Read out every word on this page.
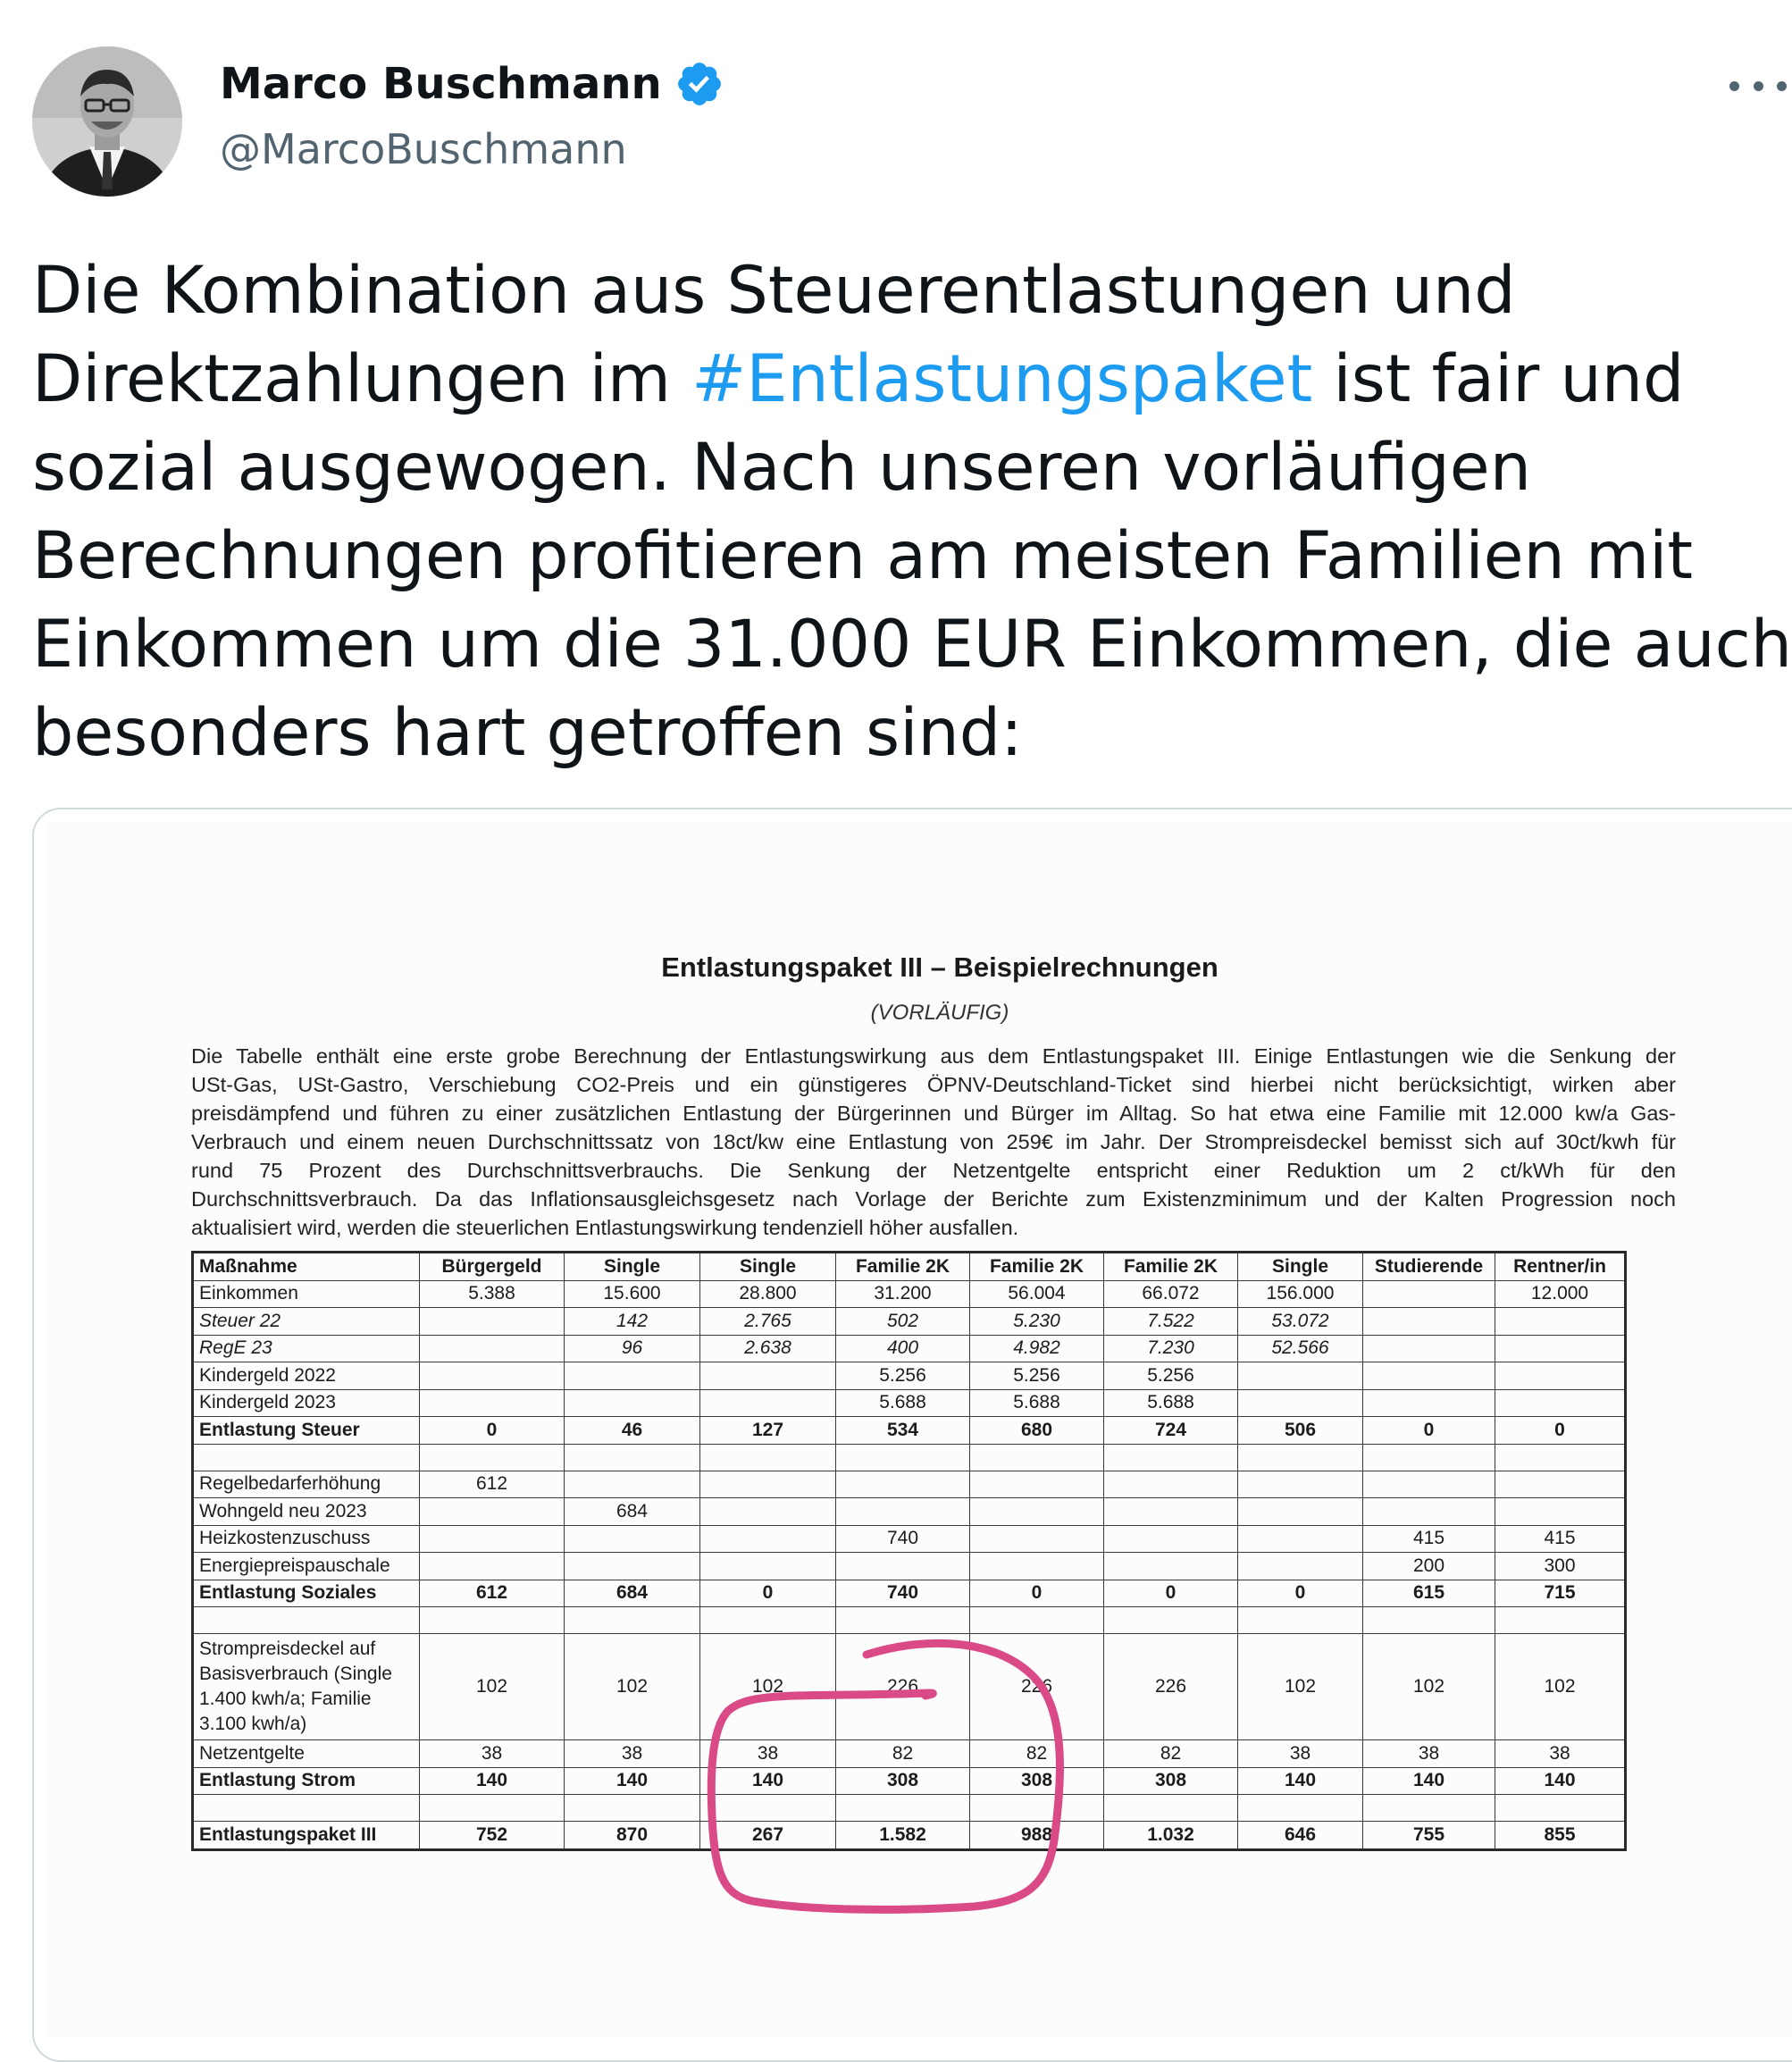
Marco Buschmann
@MarcoBuschmann
Die Kombination aus Steuerentlastungen und
Direktzahlungen im #Entlastungspaket ist fair und
sozial ausgewogen. Nach unseren vorläufigen
Berechnungen profitieren am meisten Familien mit
Einkommen um die 31.000 EUR Einkommen, die auch
besonders hart getroffen sind:
Entlastungspaket III – Beispielrechnungen
(VORLÄUFIG)
Die Tabelle enthält eine erste grobe Berechnung der Entlastungswirkung aus dem Entlastungspaket III. Einige Entlastungen wie die Senkung der
USt-Gas, USt-Gastro, Verschiebung CO2-Preis und ein günstigeres ÖPNV-Deutschland-Ticket sind hierbei nicht berücksichtigt, wirken aber
preisdämpfend und führen zu einer zusätzlichen Entlastung der Bürgerinnen und Bürger im Alltag. So hat etwa eine Familie mit 12.000 kw/a Gas-
Verbrauch und einem neuen Durchschnittssatz von 18ct/kw eine Entlastung von 259€ im Jahr. Der Strompreisdeckel bemisst sich auf 30ct/kwh für
rund 75 Prozent des Durchschnittsverbrauchs. Die Senkung der Netzentgelte entspricht einer Reduktion um 2 ct/kWh für den
Durchschnittsverbrauch. Da das Inflationsausgleichsgesetz nach Vorlage der Berichte zum Existenzminimum und der Kalten Progression noch
aktualisiert wird, werden die steuerlichen Entlastungswirkung tendenziell höher ausfallen.
Maßnahme	Bürgergeld	Single	Single	Familie 2K	Familie 2K	Familie 2K	Single	Studierende	Rentner/in
Einkommen	5.388	15.600	28.800	31.200	56.004	66.072	156.000		12.000
Steuer 22		142	2.765	502	5.230	7.522	53.072		
RegE 23		96	2.638	400	4.982	7.230	52.566		
Kindergeld 2022				5.256	5.256	5.256			
Kindergeld 2023				5.688	5.688	5.688			
Entlastung Steuer	0	46	127	534	680	724	506	0	0

Regelbedarferhöhung	612								
Wohngeld neu 2023		684							
Heizkostenzuschuss				740				415	415
Energiepreispauschale								200	300
Entlastung Soziales	612	684	0	740	0	0	0	615	715

Strompreisdeckel auf Basisverbrauch (Single 1.400 kwh/a; Familie 3.100 kwh/a)	102	102	102	226	226	226	102	102	102
Netzentgelte	38	38	38	82	82	82	38	38	38
Entlastung Strom	140	140	140	308	308	308	140	140	140

Entlastungspaket III	752	870	267	1.582	988	1.032	646	755	855
